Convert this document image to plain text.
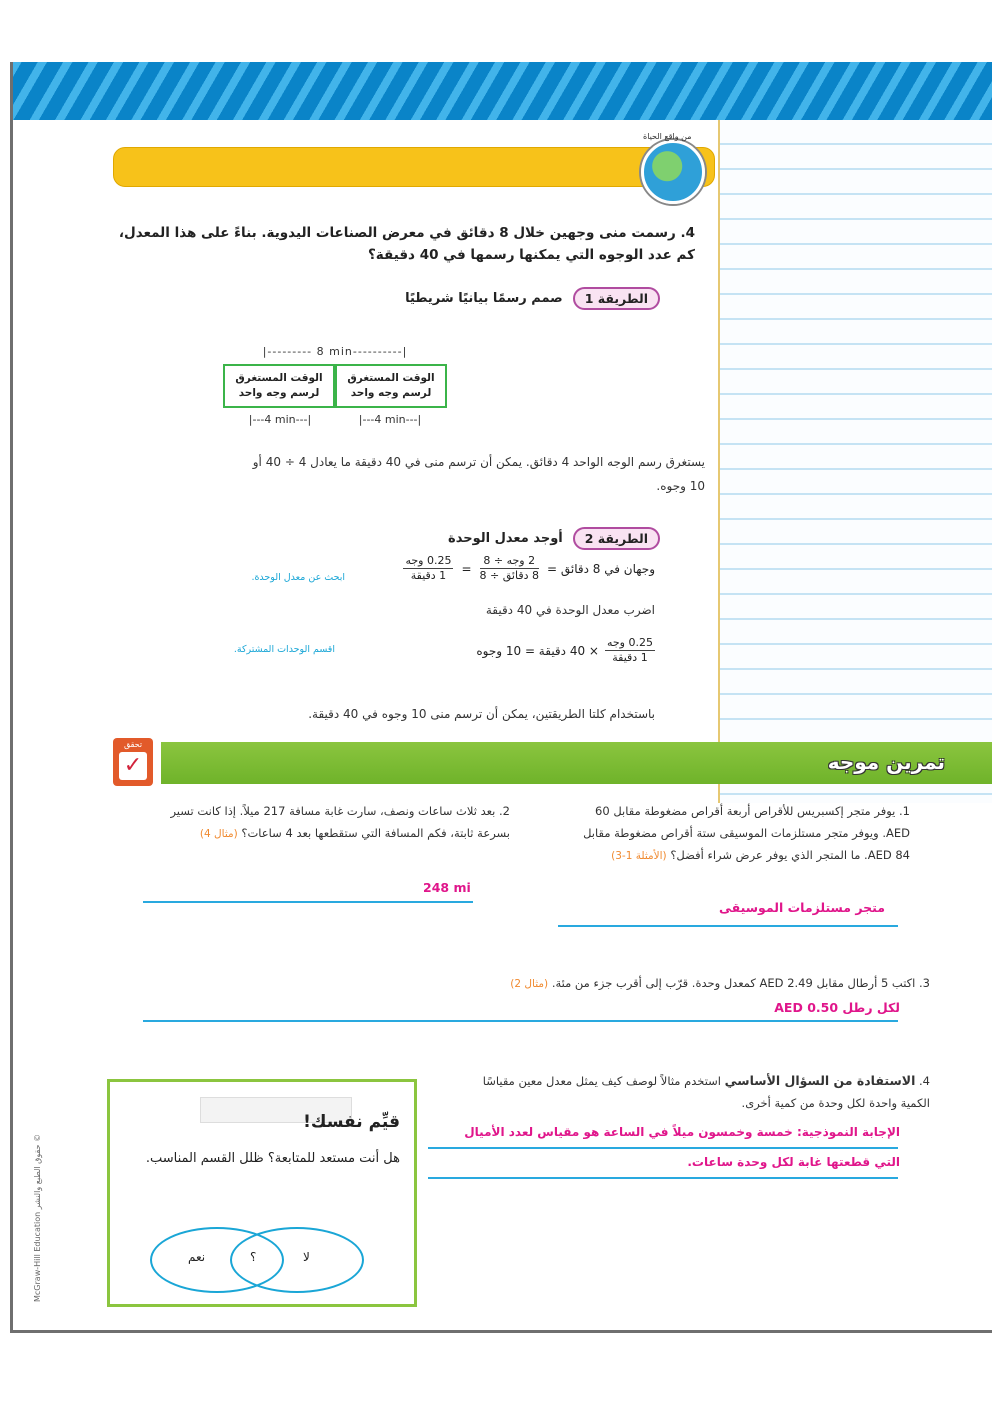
من واقع الحياة
4. رسمت منى وجهين خلال 8 دقائق في معرض الصناعات اليدوية. بناءً على هذا المعدل،
كم عدد الوجوه التي يمكنها رسمها في 40 دقيقة؟
الطريقة 1
صمم رسمًا بيانيًا شريطيًا
|--------- 8 min----------|
الوقت المستغرق لرسم وجه واحد
الوقت المستغرق لرسم وجه واحد
|---4 min---|	|---4 min---|
يستغرق رسم الوجه الواحد 4 دقائق. يمكن أن ترسم منى في 40 دقيقة ما يعادل 4 ÷ 40 أو
10 وجوه.
الطريقة 2
أوجد معدل الوحدة
وجهان في 8 دقائق =
$\frac{\text{2 وجه ÷ 8}}{\text{8 دقائق ÷ 8}}$
=
$\frac{\text{0.25 وجه}}{\text{1 دقيقة}}$
ابحث عن معدل الوحدة.
اضرب معدل الوحدة في 40 دقيقة
$\frac{\text{0.25 وجه}}{\text{1 دقيقة}}$
× 40 دقيقة = 10 وجوه
اقسم الوحدات المشتركة.
باستخدام كلتا الطريقتين، يمكن أن ترسم منى 10 وجوه في 40 دقيقة.
تمرين موجه
تحقق
✓
1. يوفر متجر إكسبريس للأقراص أربعة أقراص مضغوطة مقابل 60 AED. ويوفر متجر مستلزمات الموسيقى ستة أقراص مضغوطة مقابل 84 AED. ما المتجر الذي يوفر عرض شراء أفضل؟ (الأمثلة 1-3)
متجر مستلزمات الموسيقى
2. بعد ثلاث ساعات ونصف، سارت غابة مسافة 217 ميلاً. إذا كانت تسير بسرعة ثابتة، فكم المسافة التي ستقطعها بعد 4 ساعات؟ (مثال 4)
248 mi
3. اكتب 5 أرطال مقابل 2.49 AED كمعدل وحدة. قرّب إلى أقرب جزء من مئة. (مثال 2)
AED 0.50 لكل رطل
4. الاستفادة من السؤال الأساسي استخدم مثالاً لوصف كيف يمثل معدل معين مقياسًا الكمية واحدة لكل وحدة من كمية أخرى.
الإجابة النموذجية: خمسة وخمسون ميلاً في الساعة هو مقياس لعدد الأميال
التي قطعتها غابة لكل وحدة ساعات.
قيِّم نفسك!
هل أنت مستعد للمتابعة؟ ظلل القسم المناسب.
نعم	؟	لا
McGraw-Hill Education حقوق الطبع والنشر ©
